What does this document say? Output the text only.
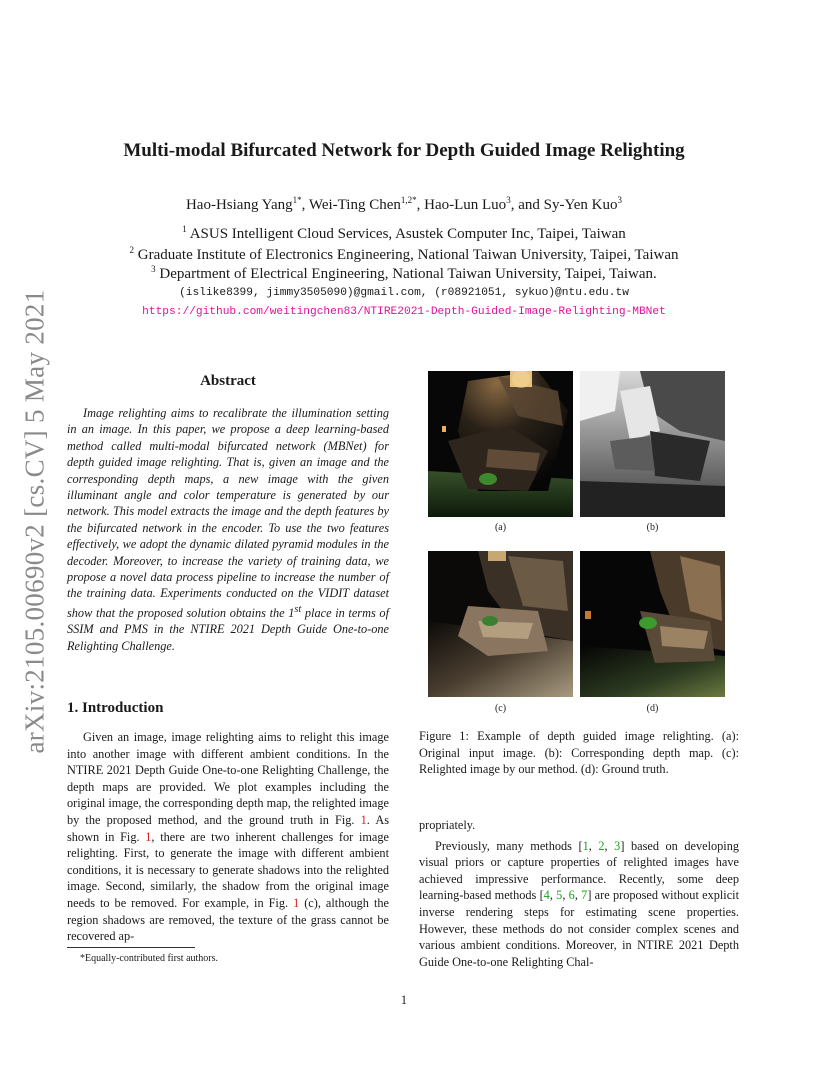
arXiv:2105.00690v2 [cs.CV] 5 May 2021
Multi-modal Bifurcated Network for Depth Guided Image Relighting
Hao-Hsiang Yang$^{1*}$, Wei-Ting Chen$^{1,2*}$, Hao-Lun Luo$^3$, and Sy-Yen Kuo$^3$
$^1$ ASUS Intelligent Cloud Services, Asustek Computer Inc, Taipei, Taiwan
$^2$ Graduate Institute of Electronics Engineering, National Taiwan University, Taipei, Taiwan
$^3$ Department of Electrical Engineering, National Taiwan University, Taipei, Taiwan.
(islike8399, jimmy3505090)@gmail.com, (r08921051, sykuo)@ntu.edu.tw
https://github.com/weitingchen83/NTIRE2021-Depth-Guided-Image-Relighting-MBNet
Abstract

Image relighting aims to recalibrate the illumination setting in an image. In this paper, we propose a deep learning-based method called multi-modal bifurcated network (MBNet) for depth guided image relighting. That is, given an image and the corresponding depth maps, a new image with the given illuminant angle and color temperature is generated by our network. This model extracts the image and the depth features by the bifurcated network in the encoder. To use the two features effectively, we adopt the dynamic dilated pyramid modules in the decoder. Moreover, to increase the variety of training data, we propose a novel data process pipeline to increase the number of the training data. Experiments conducted on the VIDIT dataset show that the proposed solution obtains the 1st place in terms of SSIM and PMS in the NTIRE 2021 Depth Guide One-to-one Relighting Challenge.

1. Introduction

Given an image, image relighting aims to relight this image into another image with different ambient conditions. In the NTIRE 2021 Depth Guide One-to-one Relighting Challenge, the depth maps are provided. We plot examples including the original image, the corresponding depth map, the relighted image by the proposed method, and the ground truth in Fig. 1. As shown in Fig. 1, there are two inherent challenges for image relighting. First, to generate the image with different ambient conditions, it is necessary to generate shadows into the relighted image. Second, similarly, the shadow from the original image needs to be removed. For example, in Fig. 1 (c), although the region shadows are removed, the texture of the grass cannot be recovered ap-

propriately.

Previously, many methods [1, 2, 3] based on developing visual priors or capture properties of relighted images have achieved impressive performance. Recently, some deep learning-based methods [4, 5, 6, 7] are proposed without explicit inverse rendering steps for estimating scene properties. However, these methods do not consider complex scenes and various ambient conditions. Moreover, in NTIRE 2021 Depth Guide One-to-one Relighting Chal-

(a)	(b)
(c)	(d)
Figure 1: Example of depth guided image relighting. (a): Original input image. (b): Corresponding depth map. (c): Relighted image by our method. (d): Ground truth.
*Equally-contributed first authors.
1
